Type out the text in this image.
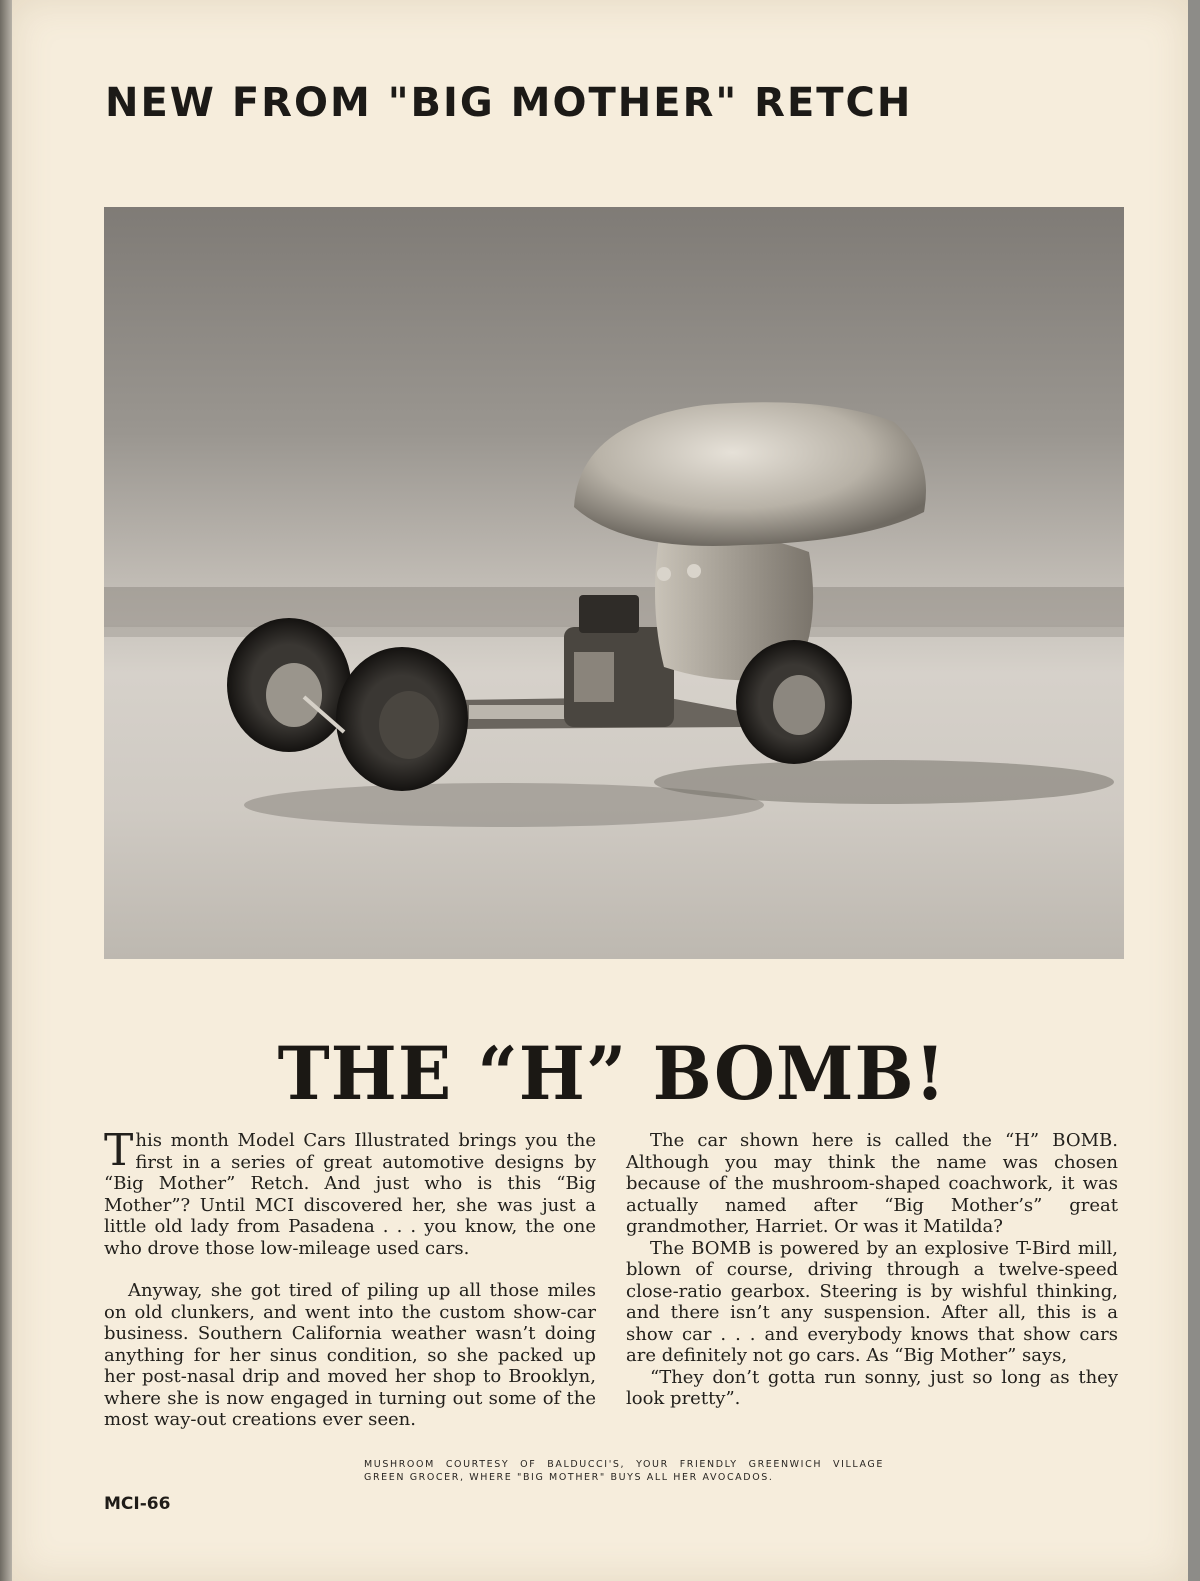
NEW FROM "BIG MOTHER" RETCH
THE “H” BOMB!

This month Model Cars Illustrated brings you the first in a series of great automotive designs by “Big Mother” Retch. And just who is this “Big Mother”? Until MCI discovered her, she was just a little old lady from Pasadena . . . you know, the one who drove those low-mileage used cars.

Anyway, she got tired of piling up all those miles on old clunkers, and went into the custom show-car business. Southern California weather wasn’t doing anything for her sinus condition, so she packed up her post-nasal drip and moved her shop to Brooklyn, where she is now engaged in turning out some of the most way-out creations ever seen.

The car shown here is called the “H” BOMB. Although you may think the name was chosen because of the mushroom-shaped coachwork, it was actually named after “Big Mother’s” great grandmother, Harriet. Or was it Matilda?

The BOMB is powered by an explosive T-Bird mill, blown of course, driving through a twelve-speed close-ratio gearbox. Steering is by wishful thinking, and there isn’t any suspension. After all, this is a show car . . . and everybody knows that show cars are definitely not go cars. As “Big Mother” says,

“They don’t gotta run sonny, just so long as they look pretty”.

MUSHROOM COURTESY OF BALDUCCI'S, YOUR FRIENDLY GREENWICH VILLAGE GREEN GROCER, WHERE "BIG MOTHER" BUYS ALL HER AVOCADOS.
MCI-66
